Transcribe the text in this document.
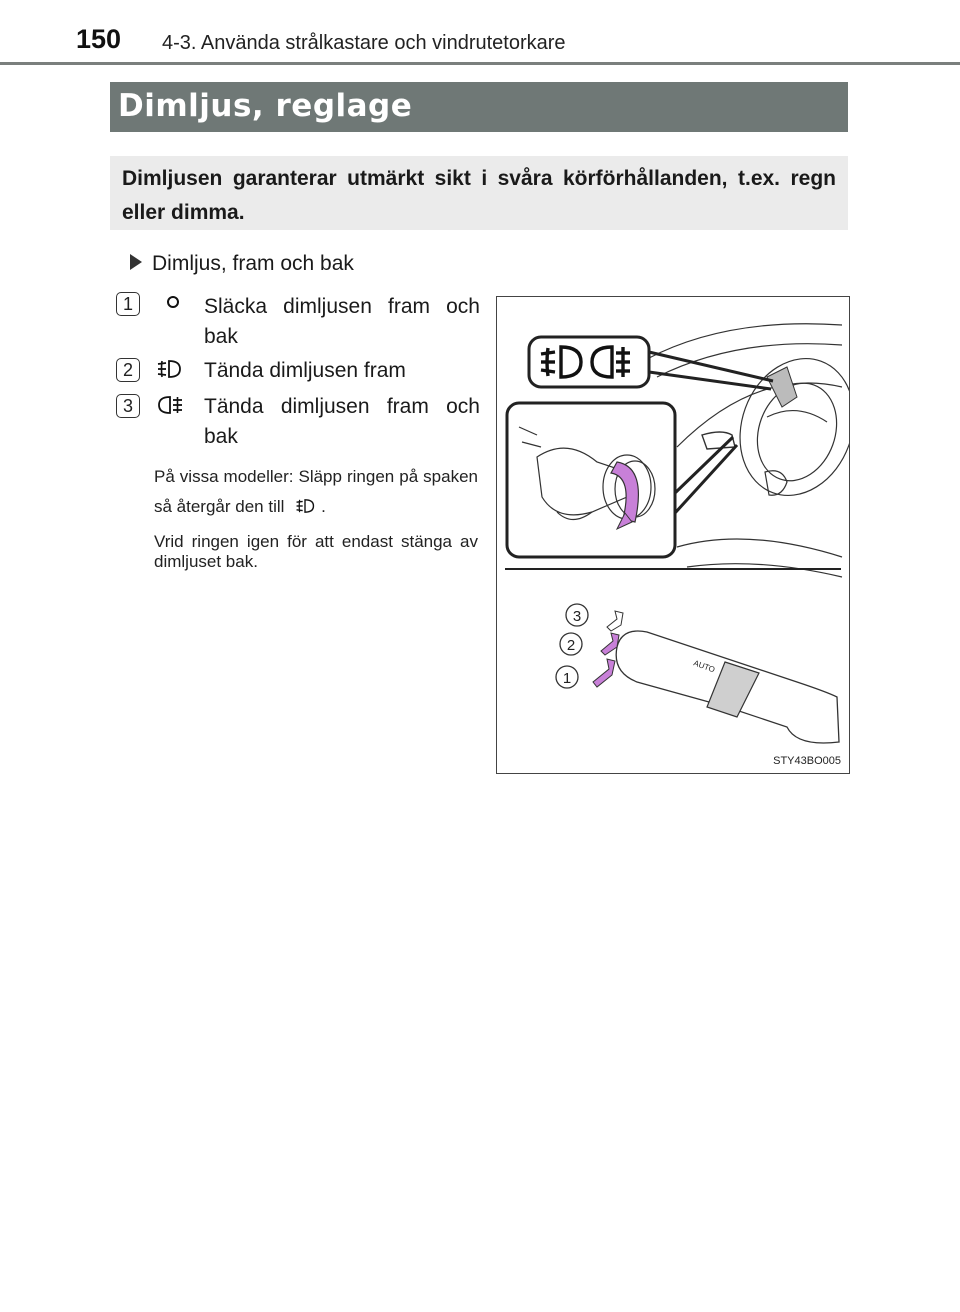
150 4-3. Använda strålkastare och vindrutetorkare
Dimljus, reglage
Dimljusen garanterar utmärkt sikt i svåra körförhållanden, t.ex. regn eller dimma.
Dimljus, fram och bak
1	Släcka dimljusen fram och bak
2	Tända dimljusen fram
3	Tända dimljusen fram och bak
På vissa modeller: Släpp ringen på spaken så återgår den till .
Vrid ringen igen för att endast stänga av dimljuset bak.
AUTO
3
2
1
STY43BO005
